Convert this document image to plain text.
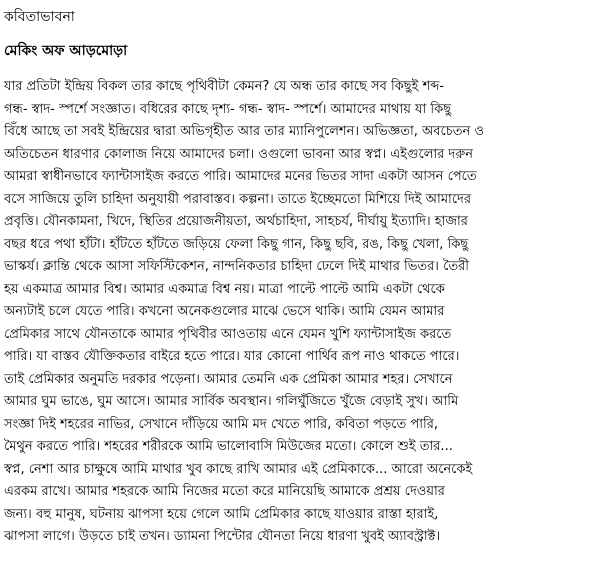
কবিতাভাবনা
মেকিং অফ আড়মোড়া
যার প্রতিটা ইন্দ্রিয় বিকল তার কাছে পৃথিবীটা কেমন? যে অন্ধ তার কাছে সব কিছুই শব্দ-
গন্ধ- স্বাদ- স্পর্শে সংজ্ঞাত। বধিরের কাছে দৃশ্য- গন্ধ- স্বাদ- স্পর্শে। আমাদের মাথায় যা কিছু
বিঁধে আছে তা সবই ইন্দ্রিয়ের দ্বারা অভিগৃহীত আর তার ম্যানিপুলেশন। অভিজ্ঞতা, অবচেতন ও
অতিচেতন ধারণার কোলাজ নিয়ে আমাদের চলা। ওগুলো ভাবনা আর স্বপ্ন। এইগুলোর দরুন
আমরা স্বাধীনভাবে ফ্যান্টাসাইজ করতে পারি। আমাদের মনের ভিতর সাদা একটা আসন পেতে
বসে সাজিয়ে তুলি চাহিদা অনুযায়ী পরাবাস্তব। কল্পনা। তাতে ইচ্ছেমতো মিশিয়ে দিই আমাদের
প্রবৃত্তি। যৌনকামনা, খিদে, স্থিতির প্রয়োজনীয়তা, অর্থচাহিদা, সাহচর্য, দীর্ঘায়ু ইত্যাদি। হাজার
বছর ধরে পথা হাঁটা। হাঁটতে হাঁটতে জড়িয়ে ফেলা কিছু গান, কিছু ছবি, রঙ, কিছু খেলা, কিছু
ভাস্কর্য। ক্লান্তি থেকে আসা সফিস্টিকেশন, নান্দনিকতার চাহিদা ঢেলে দিই মাথার ভিতর। তৈরী
হয় একমাত্র আমার বিশ্ব। আমার একমাত্র বিশ্ব নয়। মাত্রা পাল্টে পাল্টে আমি একটা থেকে
অন্যটাই চলে যেতে পারি। কখনো অনেকগুলোর মাঝে ভেসে থাকি। আমি যেমন আমার
প্রেমিকার সাথে যৌনতাকে আমার পৃথিবীর আওতায় এনে যেমন খুশি ফ্যান্টাসাইজ করতে
পারি। যা বাস্তব যৌক্তিকতার বাইরে হতে পারে। যার কোনো পার্থিব রূপ নাও থাকতে পারে।
তাই প্রেমিকার অনুমতি দরকার পড়েনা। আমার তেমনি এক প্রেমিকা আমার শহর। সেখানে
আমার ঘুম ভাঙে, ঘুম আসে। আমার সার্বিক অবস্থান। গলিঘুঁজিতে খুঁজে বেড়াই সুখ। আমি
সংজ্ঞা দিই শহরের নাভির, সেখানে দাঁড়িয়ে আমি মদ খেতে পারি, কবিতা পড়তে পারি,
মৈথুন করতে পারি। শহরের শরীরকে আমি ভালোবাসি মিউজের মতো। কোলে শুই তার...
স্বপ্ন, নেশা আর চাক্ষুষে আমি মাথার খুব কাছে রাখি আমার এই প্রেমিকাকে... আরো অনেকেই
এরকম রাখে। আমার শহরকে আমি নিজের মতো করে মানিয়েছি আমাকে প্রশ্রয় দেওয়ার
জন্য। বহু মানুষ, ঘটনায় ঝাপসা হয়ে গেলে আমি প্রেমিকার কাছে যাওয়ার রাস্তা হারাই,
ঝাপসা লাগে। উড়তে চাই তখন। ড্যামনা পিন্টোর যৌনতা নিয়ে ধারণা খুবই অ্যাবস্ট্রাক্ট।
